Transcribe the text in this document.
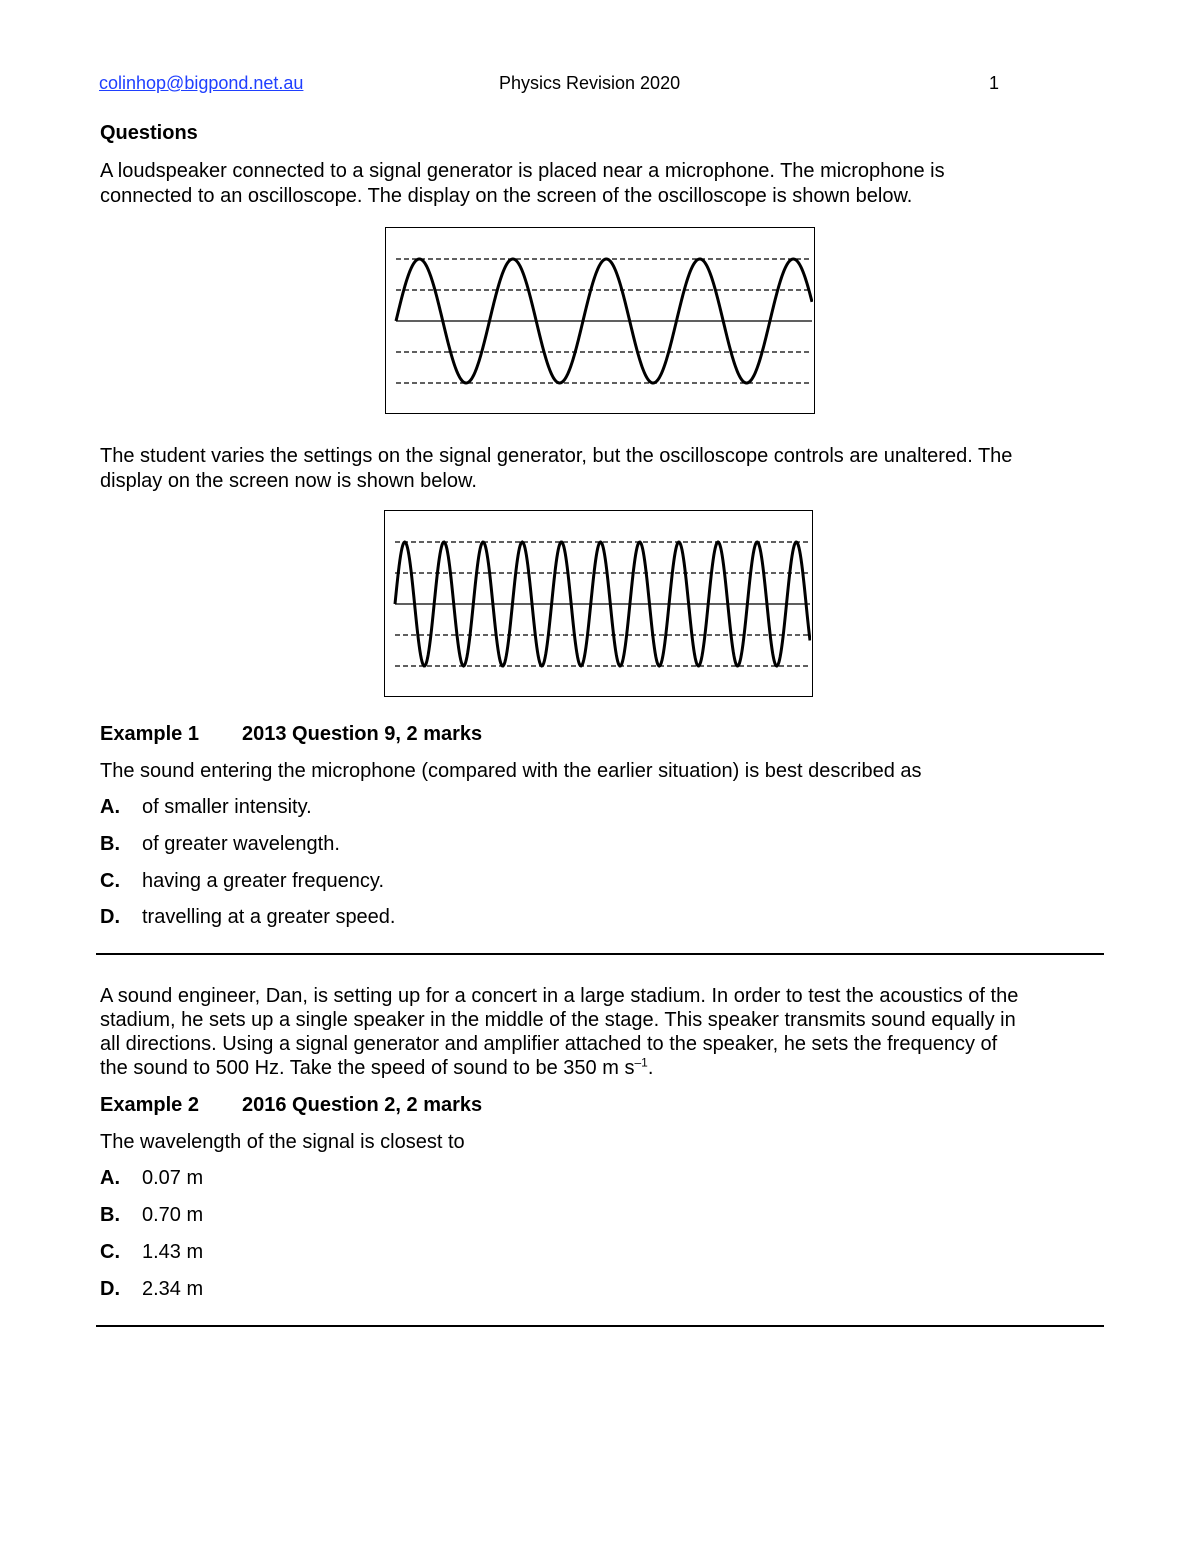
colinhop@bigpond.net.au	Physics Revision 2020	1
Questions
A loudspeaker connected to a signal generator is placed near a microphone. The microphone is
connected to an oscilloscope. The display on the screen of the oscilloscope is shown below.
The student varies the settings on the signal generator, but the oscilloscope controls are unaltered. The
display on the screen now is shown below.
Example 1 2013 Question 9, 2 marks
The sound entering the microphone (compared with the earlier situation) is best described as
A. of smaller intensity.
B. of greater wavelength.
C. having a greater frequency.
D. travelling at a greater speed.
A sound engineer, Dan, is setting up for a concert in a large stadium. In order to test the acoustics of the
stadium, he sets up a single speaker in the middle of the stage. This speaker transmits sound equally in
all directions. Using a signal generator and amplifier attached to the speaker, he sets the frequency of
the sound to 500 Hz. Take the speed of sound to be 350 m $s^{-1}$.
Example 2 2016 Question 2, 2 marks
The wavelength of the signal is closest to
A. 0.07 m
B. 0.70 m
C. 1.43 m
D. 2.34 m
